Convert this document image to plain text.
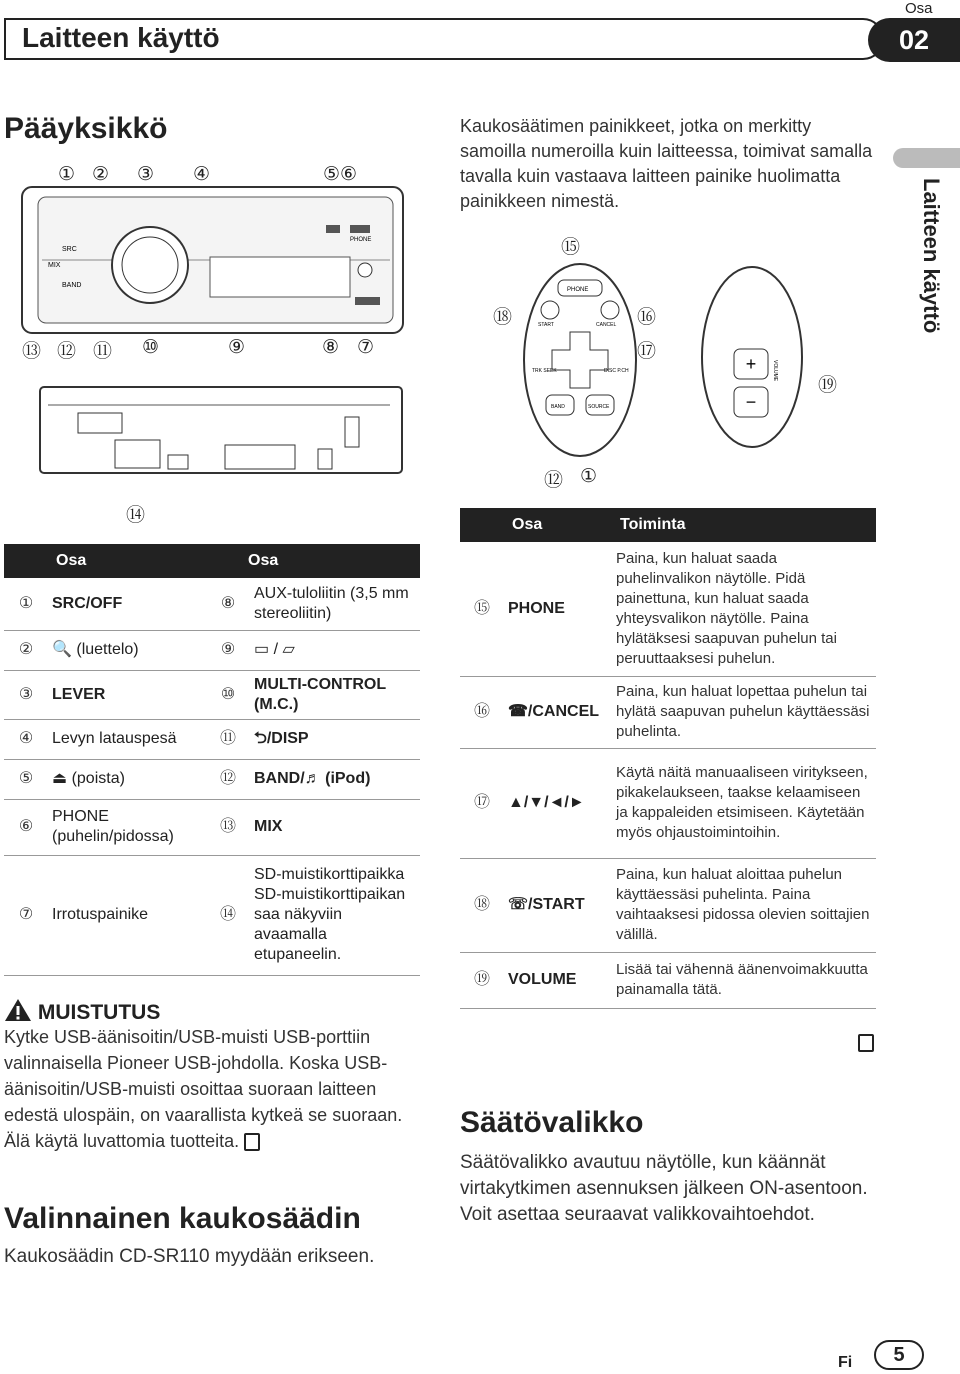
Laitteen käyttö
Osa
02
Laitteen käyttö
Pääyksikkö	Kaukosäätimen painikkeet, jotka on merkitty samoilla numeroilla kuin laitteessa, toimivat samalla tavalla kuin vastaava laitteen painike huolimatta painikkeen nimestä.
① ② ③ ④	⑤⑥
⑬ ⑫ ⑪ ⑩	⑨	⑧ ⑦
⑭
SRC
MIX
BAND
PHONE	⑮
⑱	⑯
⑰
⑲
⑫ ①
PHONE
START	CANCEL
TRK SEEK	DISC P.CH
BAND	SOURCE
+
−
VOLUME
Osa		Osa	
①	SRC/OFF	⑧	AUX-tuloliitin (3,5 mm stereoliitin)
②	🔍 (luettelo)	⑨	▭ / ▱
③	LEVER	⑩	MULTI-CONTROL (M.C.)
④	Levyn latauspesä	⑪	⮌/DISP
⑤	⏏ (poista)	⑫	BAND/♬ (iPod)
⑥	PHONE (puhelin/pidossa)	⑬	MIX
⑦	Irrotuspainike	⑭	SD-muistikorttipaikka SD-muistikorttipaikan saa näkyviin avaamalla etupaneelin.
Osa		Toiminta
⑮	PHONE	Paina, kun haluat saada puhelinvalikon näytölle. Pidä painettuna, kun haluat saada yhteysvalikon näytölle. Paina hylätäksesi saapuvan puhelun tai peruuttaaksesi puhelun.
⑯	☎/CANCEL	Paina, kun haluat lopettaa puhelun tai hylätä saapuvan puhelun käyttäessäsi puhelinta.
⑰	▲/▼/◄/►	Käytä näitä manuaaliseen viritykseen, pikakelaukseen, taakse kelaamiseen ja kappaleiden etsimiseen. Käytetään myös ohjaustoimintoihin.
⑱	☏/START	Paina, kun haluat aloittaa puhelun käyttäessäsi puhelinta. Paina vaihtaaksesi pidossa olevien soittajien välillä.
⑲	VOLUME	Lisää tai vähennä äänenvoimakkuutta painamalla tätä.
MUISTUTUS
Kytke USB-äänisoitin/USB-muisti USB-porttiin valinnaisella Pioneer USB-johdolla. Koska USB-äänisoitin/USB-muisti osoittaa suoraan laitteen edestä ulospäin, on vaarallista kytkeä se suoraan. Älä käytä luvattomia tuotteita.
Valinnainen kaukosäädin
Kaukosäädin CD-SR110 myydään erikseen.
Säätövalikko
Säätövalikko avautuu näytölle, kun käännät virtakytkimen asennuksen jälkeen ON-asentoon. Voit asettaa seuraavat valikkovaihtoehdot.
Fi	5
